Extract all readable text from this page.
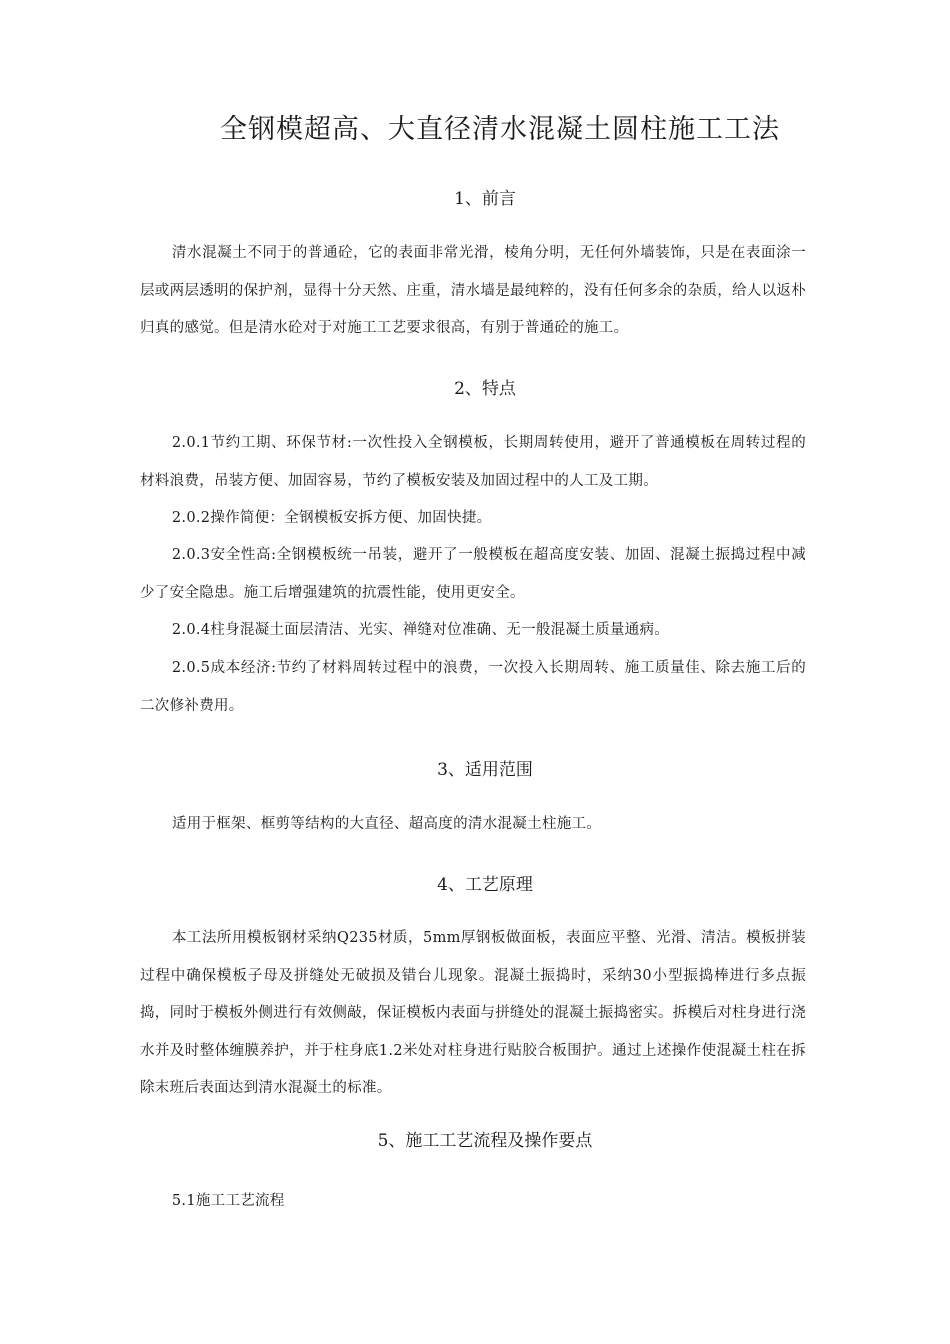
全钢模超高、大直径清水混凝土圆柱施工工法
1、前言

清水混凝土不同于的普通砼，它的表面非常光滑，棱角分明，无任何外墙装饰，只是在表面涂一层或两层透明的保护剂，显得十分天然、庄重，清水墙是最纯粹的，没有任何多余的杂质，给人以返朴归真的感觉。但是清水砼对于对施工工艺要求很高，有别于普通砼的施工。

2、特点

2.0.1节约工期、环保节材:一次性投入全钢模板，长期周转使用，避开了普通模板在周转过程的材料浪费，吊装方便、加固容易，节约了模板安装及加固过程中的人工及工期。

2.0.2操作简便：全钢模板安拆方便、加固快捷。

2.0.3安全性高:全钢模板统一吊装，避开了一般模板在超高度安装、加固、混凝土振捣过程中减少了安全隐患。施工后增强建筑的抗震性能，使用更安全。

2.0.4柱身混凝土面层清洁、光实、禅缝对位准确、无一般混凝土质量通病。

2.0.5成本经济:节约了材料周转过程中的浪费，一次投入长期周转、施工质量佳、除去施工后的二次修补费用。

3、适用范围

适用于框架、框剪等结构的大直径、超高度的清水混凝土柱施工。

4、工艺原理

本工法所用模板钢材采纳Q235材质，5mm厚钢板做面板，表面应平整、光滑、清洁。模板拼装过程中确保模板子母及拼缝处无破损及错台儿现象。混凝土振捣时，采纳30小型振捣棒进行多点振捣，同时于模板外侧进行有效侧敲，保证模板内表面与拼缝处的混凝土振捣密实。拆模后对柱身进行浇水并及时整体缠膜养护，并于柱身底1.2米处对柱身进行贴胶合板围护。通过上述操作使混凝土柱在拆除末班后表面达到清水混凝土的标准。

5、施工工艺流程及操作要点

5.1施工工艺流程
